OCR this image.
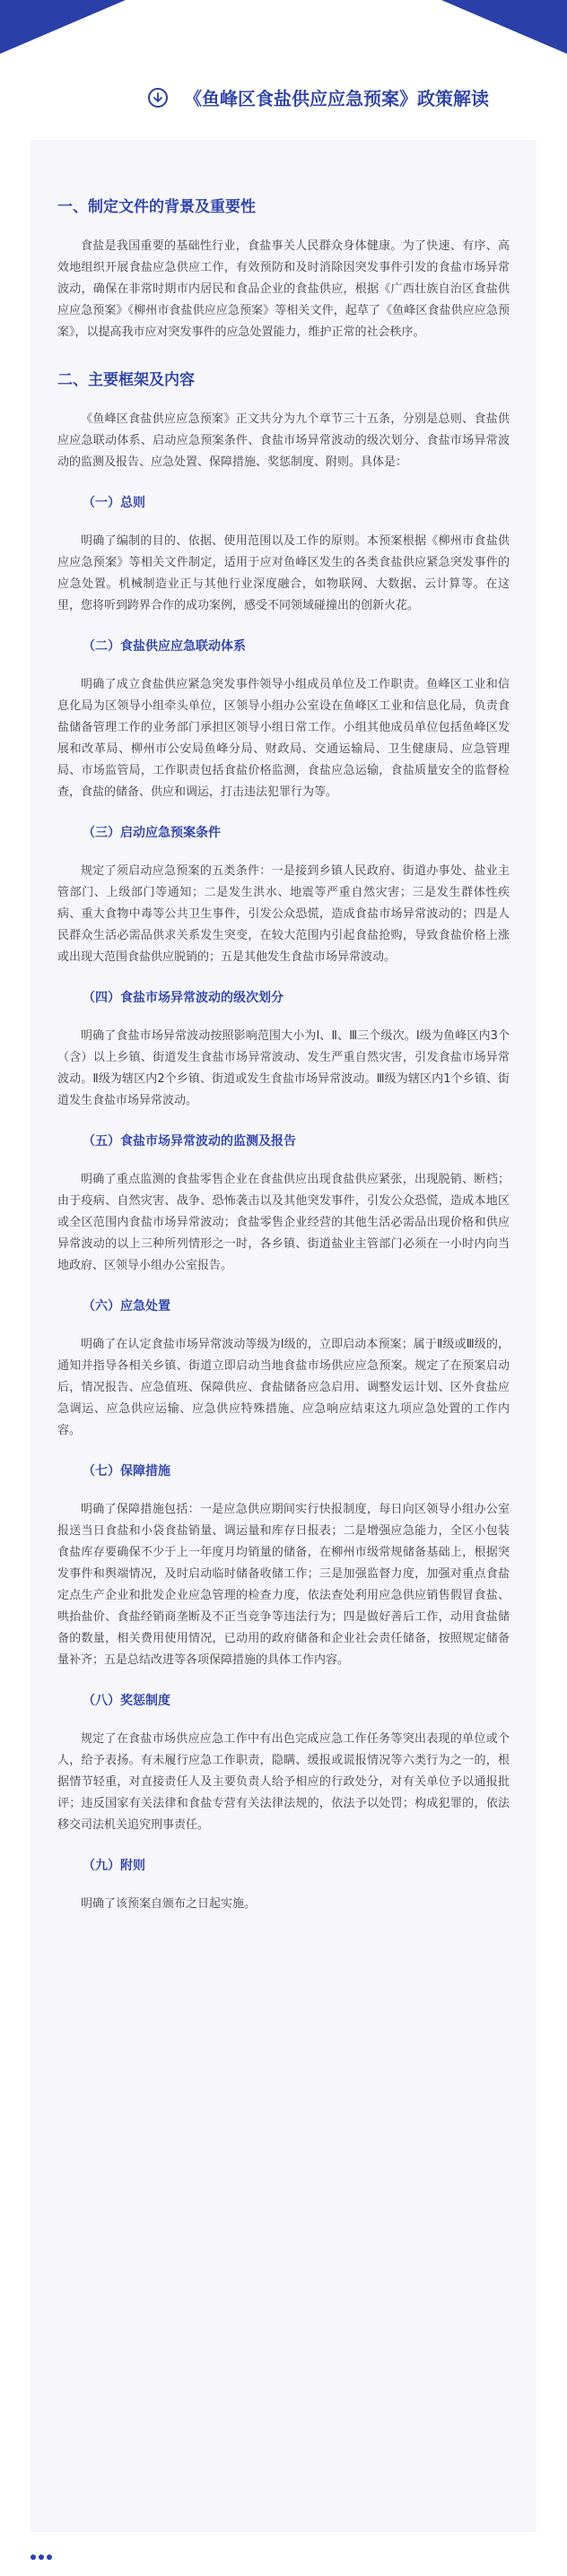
《鱼峰区食盐供应应急预案》政策解读
一、制定文件的背景及重要性

食盐是我国重要的基础性行业，食盐事关人民群众身体健康。为了快速、有序、高效地组织开展食盐应急供应工作，有效预防和及时消除因突发事件引发的食盐市场异常波动，确保在非常时期市内居民和食品企业的食盐供应，根据《广西壮族自治区食盐供应应急预案》《柳州市食盐供应应急预案》等相关文件，起草了《鱼峰区食盐供应应急预案》，以提高我市应对突发事件的应急处置能力，维护正常的社会秩序。

二、主要框架及内容

《鱼峰区食盐供应应急预案》正文共分为九个章节三十五条，分别是总则、食盐供应应急联动体系、启动应急预案条件、食盐市场异常波动的级次划分、食盐市场异常波动的监测及报告、应急处置、保障措施、奖惩制度、附则。具体是：

（一）总则

明确了编制的目的、依据、使用范围以及工作的原则。本预案根据《柳州市食盐供应应急预案》等相关文件制定，适用于应对鱼峰区发生的各类食盐供应紧急突发事件的应急处置。机械制造业正与其他行业深度融合，如物联网、大数据、云计算等。在这里，您将听到跨界合作的成功案例，感受不同领域碰撞出的创新火花。

（二）食盐供应应急联动体系

明确了成立食盐供应紧急突发事件领导小组成员单位及工作职责。鱼峰区工业和信息化局为区领导小组牵头单位，区领导小组办公室设在鱼峰区工业和信息化局，负责食盐储备管理工作的业务部门承担区领导小组日常工作。小组其他成员单位包括鱼峰区发展和改革局、柳州市公安局鱼峰分局、财政局、交通运输局、卫生健康局、应急管理局、市场监管局，工作职责包括食盐价格监测，食盐应急运输，食盐质量安全的监督检查，食盐的储备、供应和调运，打击违法犯罪行为等。

（三）启动应急预案条件

规定了须启动应急预案的五类条件：一是接到乡镇人民政府、街道办事处、盐业主管部门、上级部门等通知；二是发生洪水、地震等严重自然灾害；三是发生群体性疾病、重大食物中毒等公共卫生事件，引发公众恐慌，造成食盐市场异常波动的；四是人民群众生活必需品供求关系发生突变，在较大范围内引起食盐抢购，导致食盐价格上涨或出现大范围食盐供应脱销的；五是其他发生食盐市场异常波动。

（四）食盐市场异常波动的级次划分

明确了食盐市场异常波动按照影响范围大小为Ⅰ、Ⅱ、Ⅲ三个级次。Ⅰ级为鱼峰区内3个（含）以上乡镇、街道发生食盐市场异常波动、发生严重自然灾害，引发食盐市场异常波动。Ⅱ级为辖区内2个乡镇、街道或发生食盐市场异常波动。Ⅲ级为辖区内1个乡镇、街道发生食盐市场异常波动。

（五）食盐市场异常波动的监测及报告

明确了重点监测的食盐零售企业在食盐供应出现食盐供应紧张，出现脱销、断档；由于疫病、自然灾害、战争、恐怖袭击以及其他突发事件，引发公众恐慌，造成本地区或全区范围内食盐市场异常波动；食盐零售企业经营的其他生活必需品出现价格和供应异常波动的以上三种所列情形之一时，各乡镇、街道盐业主管部门必须在一小时内向当地政府、区领导小组办公室报告。

（六）应急处置

明确了在认定食盐市场异常波动等级为Ⅰ级的，立即启动本预案；属于Ⅱ级或Ⅲ级的，通知并指导各相关乡镇、街道立即启动当地食盐市场供应应急预案。规定了在预案启动后，情况报告、应急值班、保障供应、食盐储备应急启用、调整发运计划、区外食盐应急调运、应急供应运输、应急供应特殊措施、应急响应结束这九项应急处置的工作内容。

（七）保障措施

明确了保障措施包括：一是应急供应期间实行快报制度，每日向区领导小组办公室报送当日食盐和小袋食盐销量、调运量和库存日报表；二是增强应急能力，全区小包装食盐库存要确保不少于上一年度月均销量的储备，在柳州市级常规储备基础上，根据突发事件和舆端情况，及时启动临时储备收储工作；三是加强监督力度，加强对重点食盐定点生产企业和批发企业应急管理的检查力度，依法查处利用应急供应销售假冒食盐、哄抬盐价、食盐经销商垄断及不正当竞争等违法行为；四是做好善后工作，动用食盐储备的数量，相关费用使用情况，已动用的政府储备和企业社会责任储备，按照规定储备量补齐；五是总结改进等各项保障措施的具体工作内容。

（八）奖惩制度

规定了在食盐市场供应应急工作中有出色完成应急工作任务等突出表现的单位或个人，给予表扬。有未履行应急工作职责，隐瞒、缓报或谎报情况等六类行为之一的，根据情节轻重，对直接责任人及主要负责人给予相应的行政处分，对有关单位予以通报批评；违反国家有关法律和食盐专营有关法律法规的，依法予以处罚；构成犯罪的，依法移交司法机关追究刑事责任。

（九）附则

明确了该预案自颁布之日起实施。
